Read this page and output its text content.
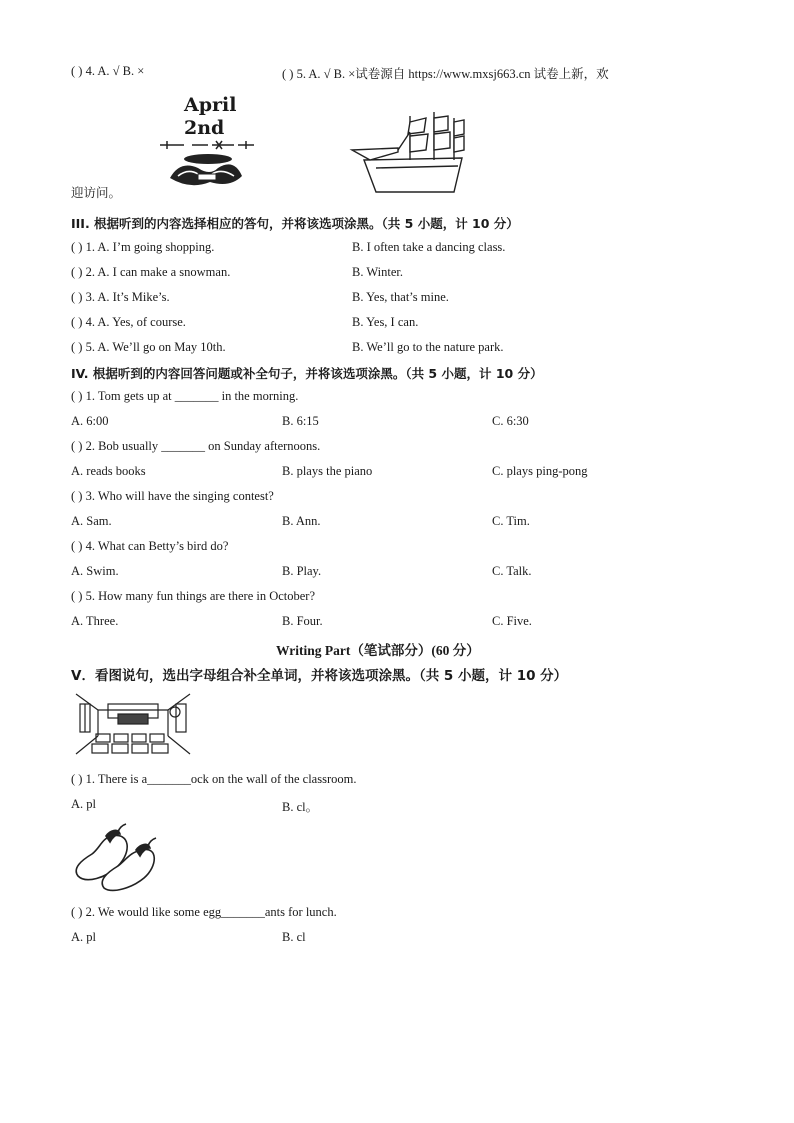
( ) 4. A. √ B. ×	( ) 5. A. √ B. ×试卷源自 https://www.mxsj663.cn 试卷上新，欢
April
2nd
迎访问。
III. 根据听到的内容选择相应的答句，并将该选项涂黑。（共 5 小题，计 10 分）
( ) 1. A. I’m going shopping.	B. I often take a dancing class.
( ) 2. A. I can make a snowman.	B. Winter.
( ) 3. A. It’s Mike’s.	B. Yes, that’s mine.
( ) 4. A. Yes, of course.	B. Yes, I can.
( ) 5. A. We’ll go on May 10th.	B. We’ll go to the nature park.
IV. 根据听到的内容回答问题或补全句子，并将该选项涂黑。（共 5 小题，计 10 分）
( ) 1. Tom gets up at _______ in the morning.
A. 6:00	B. 6:15	C. 6:30
( ) 2. Bob usually _______ on Sunday afternoons.
A. reads books	B. plays the piano	C. plays ping-pong
( ) 3. Who will have the singing contest?
A. Sam.	B. Ann.	C. Tim.
( ) 4. What can Betty’s bird do?
A. Swim.	B. Play.	C. Talk.
( ) 5. How many fun things are there in October?
A. Three.	B. Four.	C. Five.
Writing Part（笔试部分）(60 分）
V．看图说句，选出字母组合补全单词，并将该选项涂黑。（共 5 小题，计 10 分）
( ) 1. There is a_______ock on the wall of the classroom.
A. pl	B. cl。
( ) 2. We would like some egg_______ants for lunch.
A. pl	B. cl
